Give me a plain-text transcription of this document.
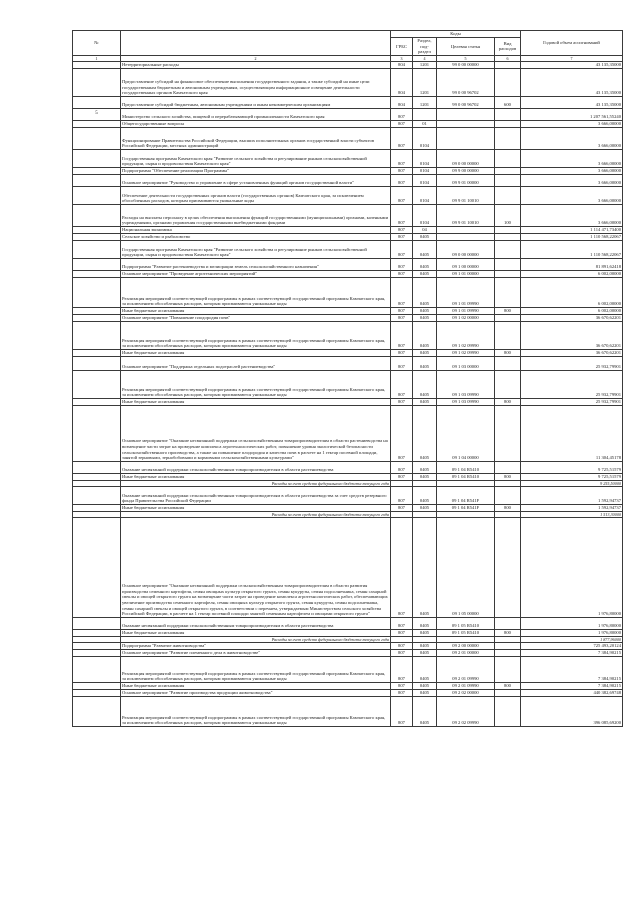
№		Коды				Годовой объем ассигнований
		ГРБС	Раздел, под-раздел	Целевая статья	Вид расходов	
1	2	3	4	5	6	7
	Нетерриториальные расходы	804	1201	99 0 00 00000		43 135,35000
	Предоставление субсидий на финансовое обеспечение выполнения государственного задания, а также субсидий на иные цели государственным бюджетным и автономным учреждениям, осуществляющим информационное освещение деятельности государственных органов Камчатского края	804	1201	99 0 00 96702		43 135,35000
	Предоставление субсидий бюджетным, автономным учреждениям и иным некоммерческим организациям	804	1201	99 0 00 96702	600	43 135,35000
5	Министерство сельского хозяйства, пищевой и перерабатывающей промышленности Камчатского края	807				1 207 561,55240
	Общегосударственные вопросы	807	01			3 666,00000
	Функционирование Правительства Российской Федерации, высших исполнительных органов государственной власти субъектов Российской Федерации, местных администраций	807	0104			3 666,00000
	Государственная программа Камчатского края "Развитие сельского хозяйства и регулирование рынков сельскохозяйственной продукции, сырья и продовольствия Камчатского края"	807	0104	09 0 00 00000		3 666,00000
	Подпрограмма "Обеспечение реализации Программы"	807	0104	09 9 00 00000		3 666,00000
	Основное мероприятие "Руководство и управление в сфере установленных функций органов государственной власти"	807	0104	09 9 01 00000		3 666,00000
	Обеспечение деятельности государственных органов власти (государственных органов) Камчатского края, за исключением обособленных расходов, которым присваиваются уникальные коды	807	0104	09 9 01 10010		3 666,00000
	Расходы на выплаты персоналу в целях обеспечения выполнения функций государственными (муниципальными) органами, казенными учреждениями, органами управления государственными внебюджетными фондами	807	0104	09 9 01 10010	100	3 666,00000
	Национальная экономика	807	04			1 114 471,73400
	Сельское хозяйство и рыболовство	807	0405			1 110 568,22067
	Государственная программа Камчатского края "Развитие сельского хозяйства и регулирование рынков сельскохозяйственной продукции, сырья и продовольствия Камчатского края"	807	0405	09 0 00 00000		1 110 568,22067
	Подпрограмма "Развитие растениеводства и мелиорации земель сельскохозяйственного назначения"	807	0405	09 1 00 00000		81 891,62418
	Основное мероприятие "Проведение агротехнических мероприятий"	807	0405	09 1 01 00000		6 002,00000
	Реализация мероприятий соответствующей подпрограммы в рамках соответствующей государственной программы Камчатского края, за исключением обособленных расходов, которым присваиваются уникальные коды	807	0405	09 1 01 09990		6 002,00000
	Иные бюджетные ассигнования	807	0405	09 1 01 09990	800	6 002,00000
	Основное мероприятие "Повышение плодородия почв"	807	0405	09 1 02 00000		36 670,62201
	Реализация мероприятий соответствующей подпрограммы в рамках соответствующей государственной программы Камчатского края, за исключением обособленных расходов, которым присваиваются уникальные коды	807	0405	09 1 02 09990		36 670,62201
	Иные бюджетные ассигнования	807	0405	09 1 02 09990	800	36 670,62201
	Основное мероприятие "Поддержка отдельных подотраслей растениеводства"	807	0405	09 1 03 00000		25 932,79901
	Реализация мероприятий соответствующей подпрограммы в рамках соответствующей государственной программы Камчатского края, за исключением обособленных расходов, которым присваиваются уникальные коды	807	0405	09 1 03 09990		25 932,79901
	Иные бюджетные ассигнования	807	0405	09 1 03 09990	800	25 932,79901
	Основное мероприятие "Оказание несвязанной поддержки сельскохозяйственным товаропроизводителям в области растениеводства на возмещение части затрат на проведение комплекса агротехнологических работ, повышение уровня экологической безопасности сельскохозяйственного производства, а также на повышение плодородия и качества почв в расчете на 1 гектар посевной площади, занятой зерновыми, зернобобовыми и кормовыми сельскохозяйственными культурами"	807	0405	09 1 04 00000		11 304,45178
	Оказание несвязанной поддержки сельскохозяйственным товаропроизводителям в области растениеводства	807	0405	09 1 04 R5410		9 725,51579
	Иные бюджетные ассигнования	807	0405	09 1 04 R5410	800	9 725,51579
	Расходы за счет средств федерального бюджета текущего года					9 255,50000
	Оказание несвязанной поддержки сельскохозяйственным товаропроизводителям в области растениеводства за счет средств резервного фонда Правительства Российской Федерации	807	0405	09 1 04 R541F		1 592,94737
	Иные бюджетные ассигнования	807	0405	09 1 04 R541F	800	1 592,94737
	Расходы за счет средств федерального бюджета текущего года					1 513,30000
	Основное мероприятие "Оказание несвязанной поддержки сельскохозяйственным товаропроизводителям в области развития производства семенного картофеля, семян овощных культур открытого грунта, семян кукурузы, семян подсолнечника, семян сахарной свеклы и овощей открытого грунта на возмещение части затрат на проведение комплекса агротехнологических работ, обеспечивающих увеличение производства семенного картофеля, семян овощных культур открытого грунта, семян кукурузы, семян подсолнечника, семян сахарной свеклы и овощей открытого грунта, в соответствии с перечнем, утверждаемым Министерством сельского хозяйства Российской Федерации, в расчете на 1 гектар посевной площади занятой семенным картофелем и овощами открытого грунта"	807	0405	09 1 05 00000		1 976,80000
	Оказание несвязанной поддержки сельскохозяйственным товаропроизводителям в области растениеводства	807	0405	09 1 05 R5410		1 976,80000
	Иные бюджетные ассигнования	807	0405	09 1 05 R5410	800	1 976,80000
	Расходы за счет средств федерального бюджета текущего года					1 877,96000
	Подпрограмма "Развитие животноводства"	807	0405	09 2 00 00000		725 493,20124
	Основное мероприятие "Развитие племенного дела в животноводстве"	807	0405	09 2 01 00000		7 384,90215
	Реализация мероприятий соответствующей подпрограммы в рамках соответствующей государственной программы Камчатского края, за исключением обособленных расходов, которым присваиваются уникальные коды	807	0405	09 2 01 09990		7 384,90215
	Иные бюджетные ассигнования	807	0405	09 2 01 09990	800	7 384,90215
	Основное мероприятие "Развитие производства продукции животноводства"	807	0405	09 2 02 00000		440 382,69748
	Реализация мероприятий соответствующей подпрограммы в рамках соответствующей государственной программы Камчатского края, за исключением обособленных расходов, которым присваиваются уникальные коды	807	0405	09 2 02 09990		396 085,69200
